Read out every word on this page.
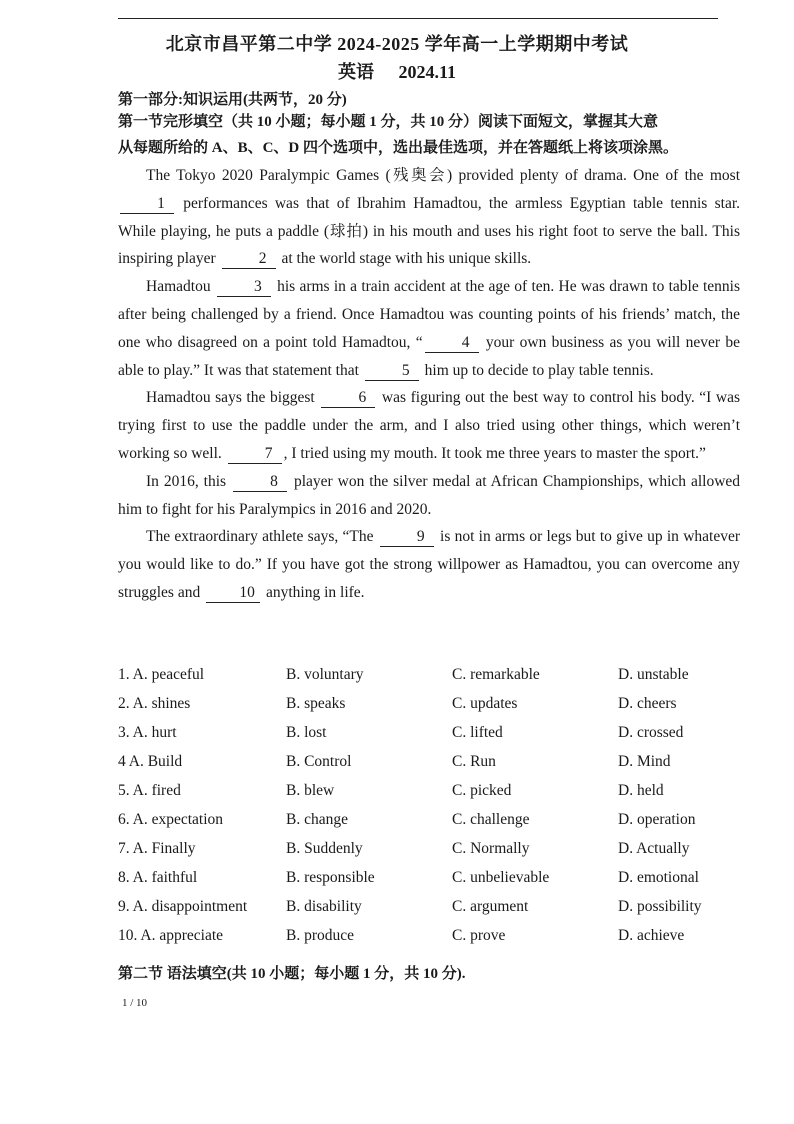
北京市昌平第二中学 2024-2025 学年高一上学期期中考试
英语 2024.11
第一部分:知识运用(共两节，20 分)
第一节完形填空（共 10 小题；每小题 1 分，共 10 分）阅读下面短文，掌握其大意
从每题所给的 A、B、C、D 四个选项中，选出最佳选项，并在答题纸上将该项涂黑。

The Tokyo 2020 Paralympic Games (残奥会) provided plenty of drama. One of the most 1 performances was that of Ibrahim Hamadtou, the armless Egyptian table tennis star. While playing, he puts a paddle (球拍) in his mouth and uses his right foot to serve the ball. This inspiring player	2 at the world stage with his unique skills.

Hamadtou	3 his arms in a train accident at the age of ten. He was drawn to table tennis after being challenged by a friend. Once Hamadtou was counting points of his friends’ match, the one who disagreed on a point told Hamadtou, “	4 your own business as you will never be able to play.” It was that statement that	5 him up to decide to play table tennis.

Hamadtou says the biggest	6 was figuring out the best way to control his body. “I was trying first to use the paddle under the arm, and I also tried using other things, which weren’t working so well.	7 , I tried using my mouth. It took me three years to master the sport.”

In 2016, this	8 player won the silver medal at African Championships, which allowed him to fight for his Paralympics in 2016 and 2020.

The extraordinary athlete says, “The	9 is not in arms or legs but to give up in whatever you would like to do.” If you have got the strong willpower as Hamadtou, you can overcome any struggles and	10 anything in life.

1. A. peaceful	B. voluntary	C. remarkable	D. unstable
2. A. shines	B. speaks	C. updates	D. cheers
3. A. hurt	B. lost	C. lifted	D. crossed
4 A. Build	B. Control	C. Run	D. Mind
5. A. fired	B. blew	C. picked	D. held
6. A. expectation	B. change	C. challenge	D. operation
7. A. Finally	B. Suddenly	C. Normally	D. Actually
8. A. faithful	B. responsible	C. unbelievable	D. emotional
9. A. disappointment	B. disability	C. argument	D. possibility
10. A. appreciate	B. produce	C. prove	D. achieve
第二节 语法填空(共 10 小题；每小题 1 分，共 10 分).
1 / 10
